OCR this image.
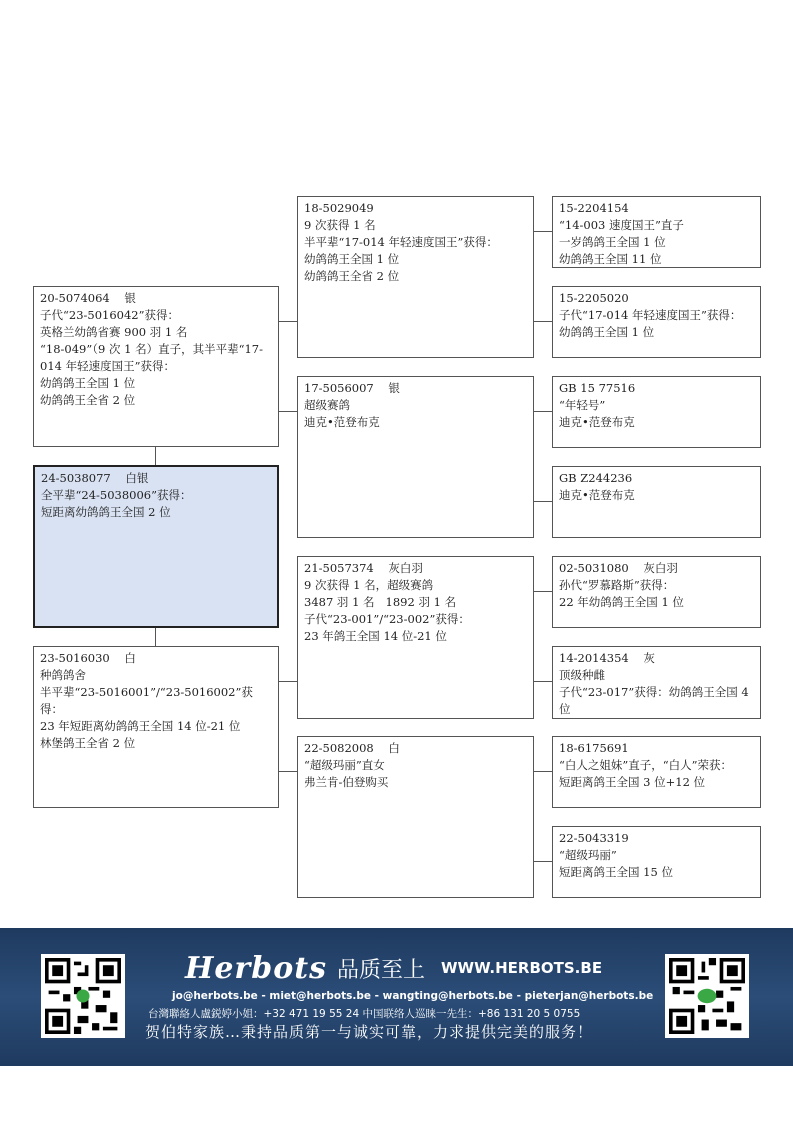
20-5074064    银
子代“23-5016042”获得：
英格兰幼鸽省赛 900 羽 1 名
“18-049”（9 次 1 名）直子，其半平辈“17-014 年轻速度国王”获得：
幼鸽鸽王全国 1 位
幼鸽鸽王全省 2 位
24-5038077    白银
全平辈“24-5038006”获得：
短距离幼鸽鸽王全国 2 位
23-5016030    白
种鸽鸽舍
半平辈“23-5016001”/“23-5016002”获得：
23 年短距离幼鸽鸽王全国 14 位-21 位
林堡鸽王全省 2 位
18-5029049
9 次获得 1 名
半平辈“17-014 年轻速度国王”获得：
幼鸽鸽王全国 1 位
幼鸽鸽王全省 2 位
17-5056007    银
超级赛鸽
迪克•范登布克
21-5057374    灰白羽
9 次获得 1 名，超级赛鸽
3487 羽 1 名   1892 羽 1 名
子代“23-001”/“23-002”获得：
23 年鸽王全国 14 位-21 位
22-5082008    白
“超级玛丽”直女
弗兰肯-伯登购买
15-2204154
“14-003 速度国王”直子
一岁鸽鸽王全国 1 位
幼鸽鸽王全国 11 位
15-2205020
子代“17-014 年轻速度国王”获得：
幼鸽鸽王全国 1 位
GB 15 77516
“年轻号”
迪克•范登布克
GB Z244236
迪克•范登布克
02-5031080    灰白羽
孙代“罗慕路斯”获得：
22 年幼鸽鸽王全国 1 位
14-2014354    灰
顶级种雌
子代“23-017”获得：幼鸽鸽王全国 4 位
18-6175691
“白人之姐妹”直子，“白人”荣获：
短距离鸽王全国 3 位+12 位
22-5043319
“超级玛丽”
短距离鸽王全国 15 位
Herbots 品质至上 WWW.HERBOTS.BE
jo@herbots.be - miet@herbots.be - wangting@herbots.be - pieterjan@herbots.be
台灣聯絡人盧鋭婷小姐：+32 471 19 55 24 中国联络人巡睐一先生：+86 131 20 5 0755
贺伯特家族…秉持品质第一与诚实可靠，力求提供完美的服务！
